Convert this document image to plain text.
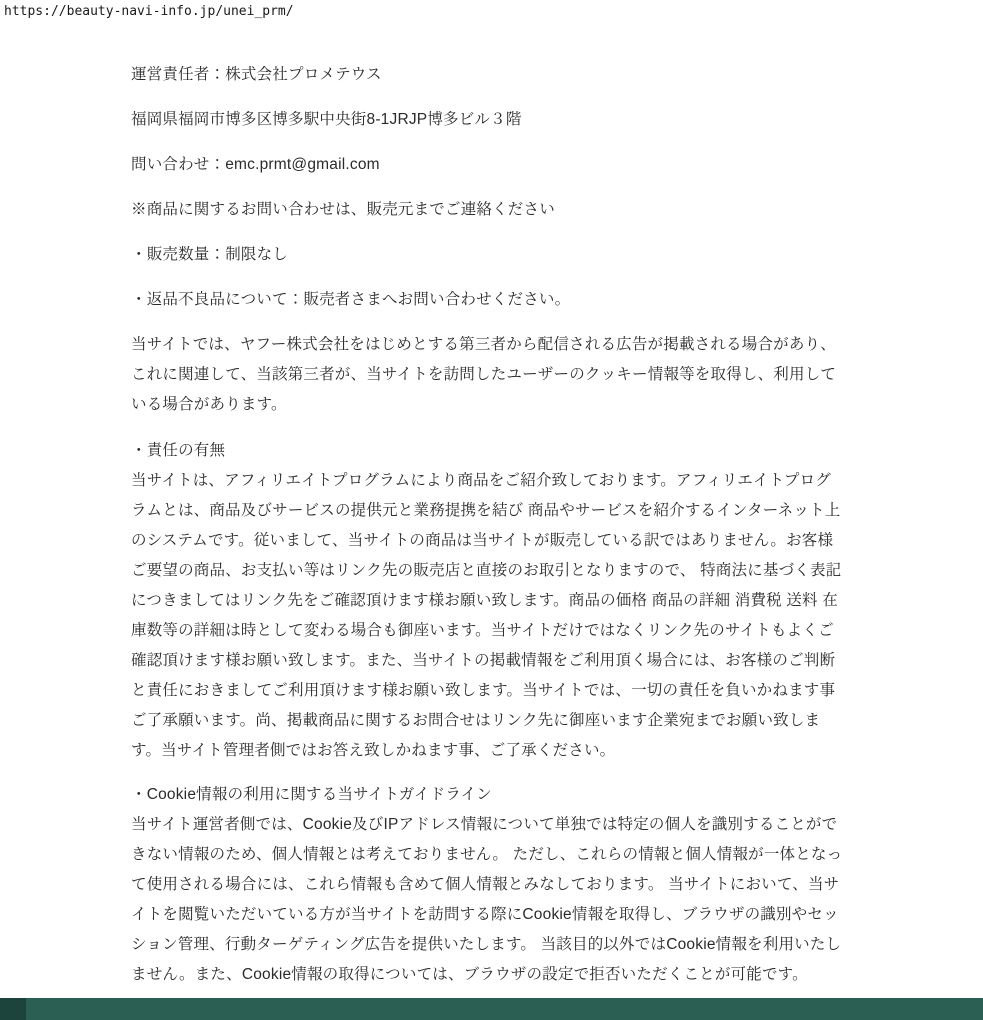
https://beauty-navi-info.jp/unei_prm/

運営責任者：株式会社プロメテウス

福岡県福岡市博多区博多駅中央街8-1JRJP博多ビル３階

問い合わせ：emc.prmt@gmail.com

※商品に関するお問い合わせは、販売元までご連絡ください

・販売数量：制限なし

・返品不良品について：販売者さまへお問い合わせください。

当サイトでは、ヤフー株式会社をはじめとする第三者から配信される広告が掲載される場合があり、これに関連して、当該第三者が、当サイトを訪問したユーザーのクッキー情報等を取得し、利用している場合があります。

・責任の有無

当サイトは、アフィリエイトプログラムにより商品をご紹介致しております。アフィリエイトプログラムとは、商品及びサービスの提供元と業務提携を結び 商品やサービスを紹介するインターネット上のシステムです。従いまして、当サイトの商品は当サイトが販売している訳ではありません。お客様ご要望の商品、お支払い等はリンク先の販売店と直接のお取引となりますので、 特商法に基づく表記につきましてはリンク先をご確認頂けます様お願い致します。商品の価格 商品の詳細 消費税 送料 在庫数等の詳細は時として変わる場合も御座います。当サイトだけではなくリンク先のサイトもよくご確認頂けます様お願い致します。また、当サイトの掲載情報をご利用頂く場合には、お客様のご判断と責任におきましてご利用頂けます様お願い致します。当サイトでは、一切の責任を負いかねます事ご了承願います。尚、掲載商品に関するお問合せはリンク先に御座います企業宛までお願い致します。当サイト管理者側ではお答え致しかねます事、ご了承ください。

・Cookie情報の利用に関する当サイトガイドライン

当サイト運営者側では、Cookie及びIPアドレス情報について単独では特定の個人を識別することができない情報のため、個人情報とは考えておりません。 ただし、これらの情報と個人情報が一体となって使用される場合には、これら情報も含めて個人情報とみなしております。 当サイトにおいて、当サイトを閲覧いただいている方が当サイトを訪問する際にCookie情報を取得し、ブラウザの識別やセッション管理、行動ターゲティング広告を提供いたします。 当該目的以外ではCookie情報を利用いたしません。また、Cookie情報の取得については、ブラウザの設定で拒否いただくことが可能です。
